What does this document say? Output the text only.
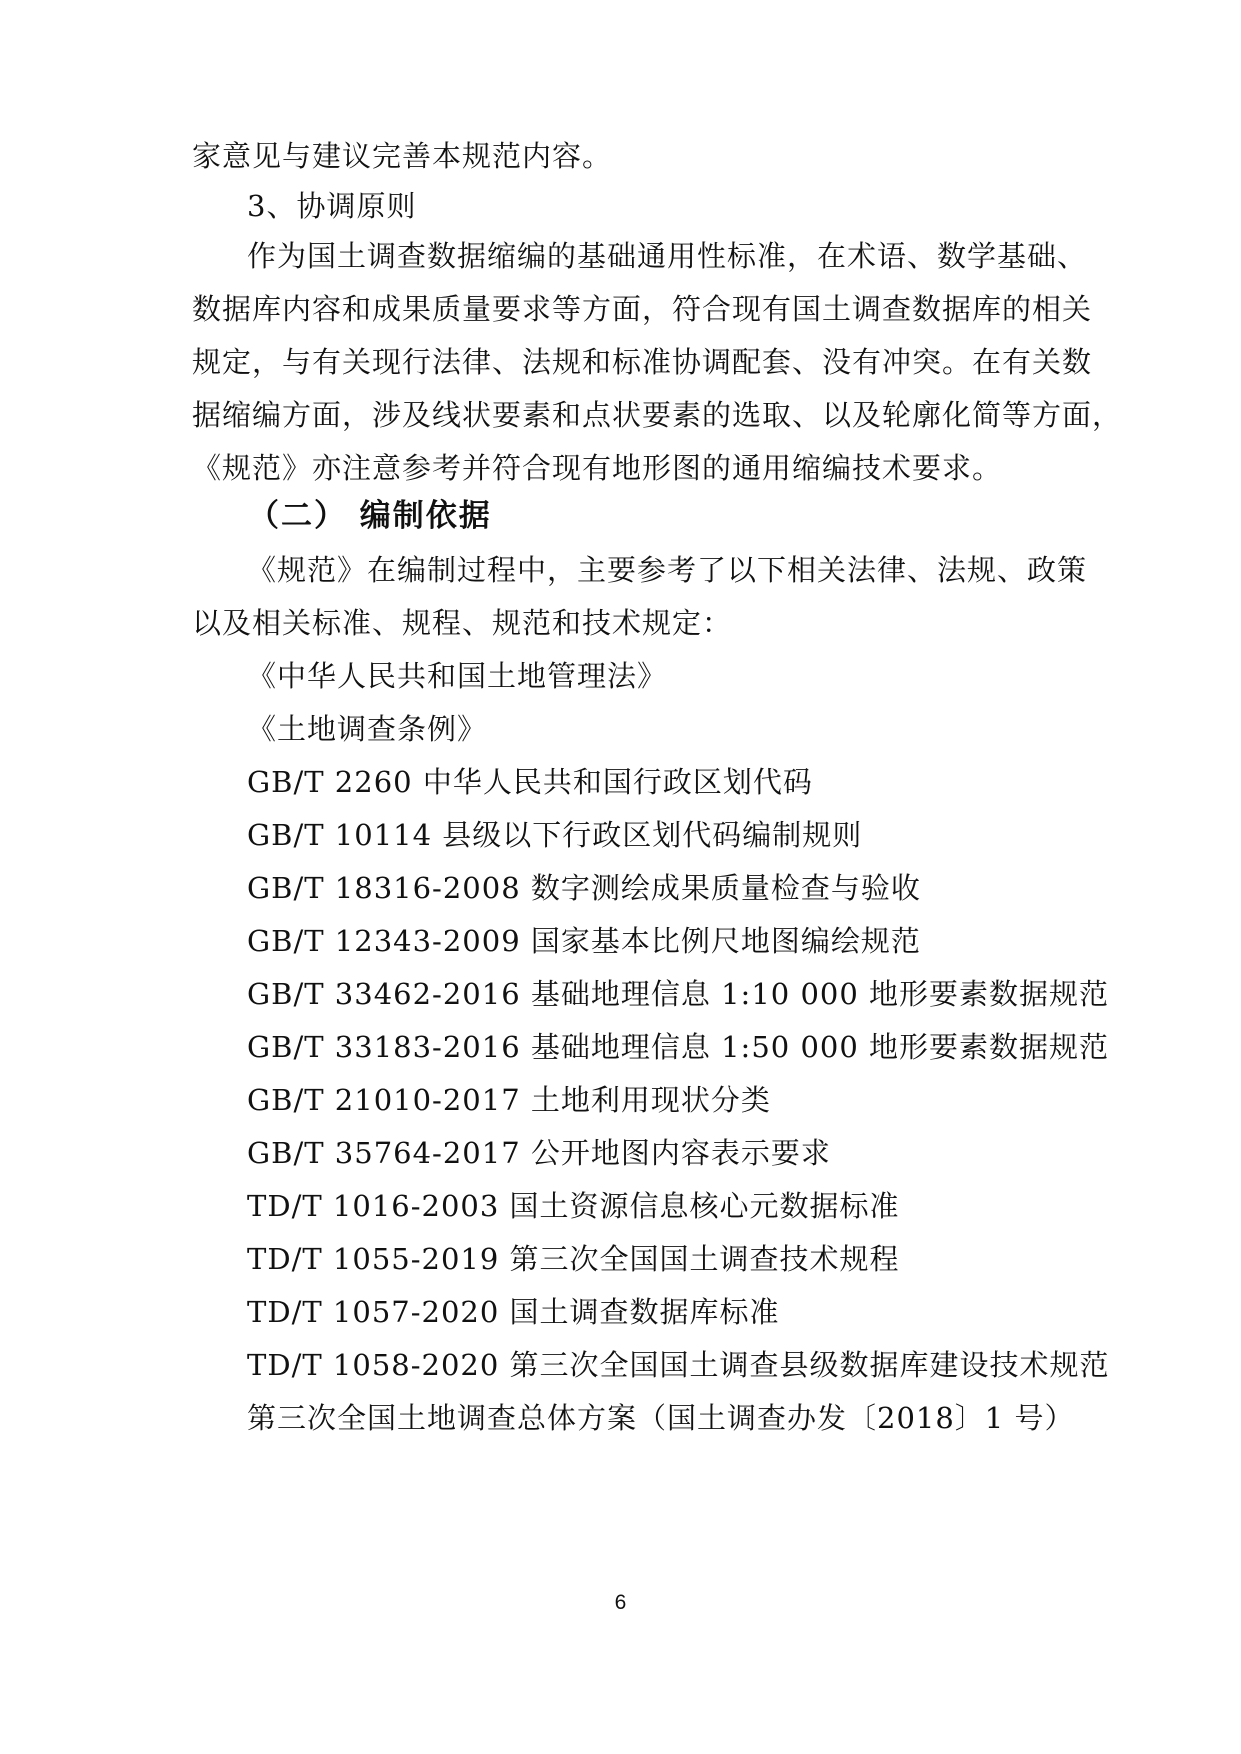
家意见与建议完善本规范内容。
3、协调原则
作为国土调查数据缩编的基础通用性标准，在术语、数学基础、
数据库内容和成果质量要求等方面，符合现有国土调查数据库的相关
规定，与有关现行法律、法规和标准协调配套、没有冲突。在有关数
据缩编方面，涉及线状要素和点状要素的选取、以及轮廓化简等方面，
《规范》亦注意参考并符合现有地形图的通用缩编技术要求。
（二） 编制依据
《规范》在编制过程中，主要参考了以下相关法律、法规、政策
以及相关标准、规程、规范和技术规定：
《中华人民共和国土地管理法》
《土地调查条例》
GB/T 2260 中华人民共和国行政区划代码
GB/T 10114 县级以下行政区划代码编制规则
GB/T 18316-2008 数字测绘成果质量检查与验收
GB/T 12343-2009 国家基本比例尺地图编绘规范
GB/T 33462-2016 基础地理信息 1:10 000 地形要素数据规范
GB/T 33183-2016 基础地理信息 1:50 000 地形要素数据规范
GB/T 21010-2017 土地利用现状分类
GB/T 35764-2017 公开地图内容表示要求
TD/T 1016-2003 国土资源信息核心元数据标准
TD/T 1055-2019 第三次全国国土调查技术规程
TD/T 1057-2020 国土调查数据库标准
TD/T 1058-2020 第三次全国国土调查县级数据库建设技术规范
第三次全国土地调查总体方案（国土调查办发〔2018〕1 号）
6
